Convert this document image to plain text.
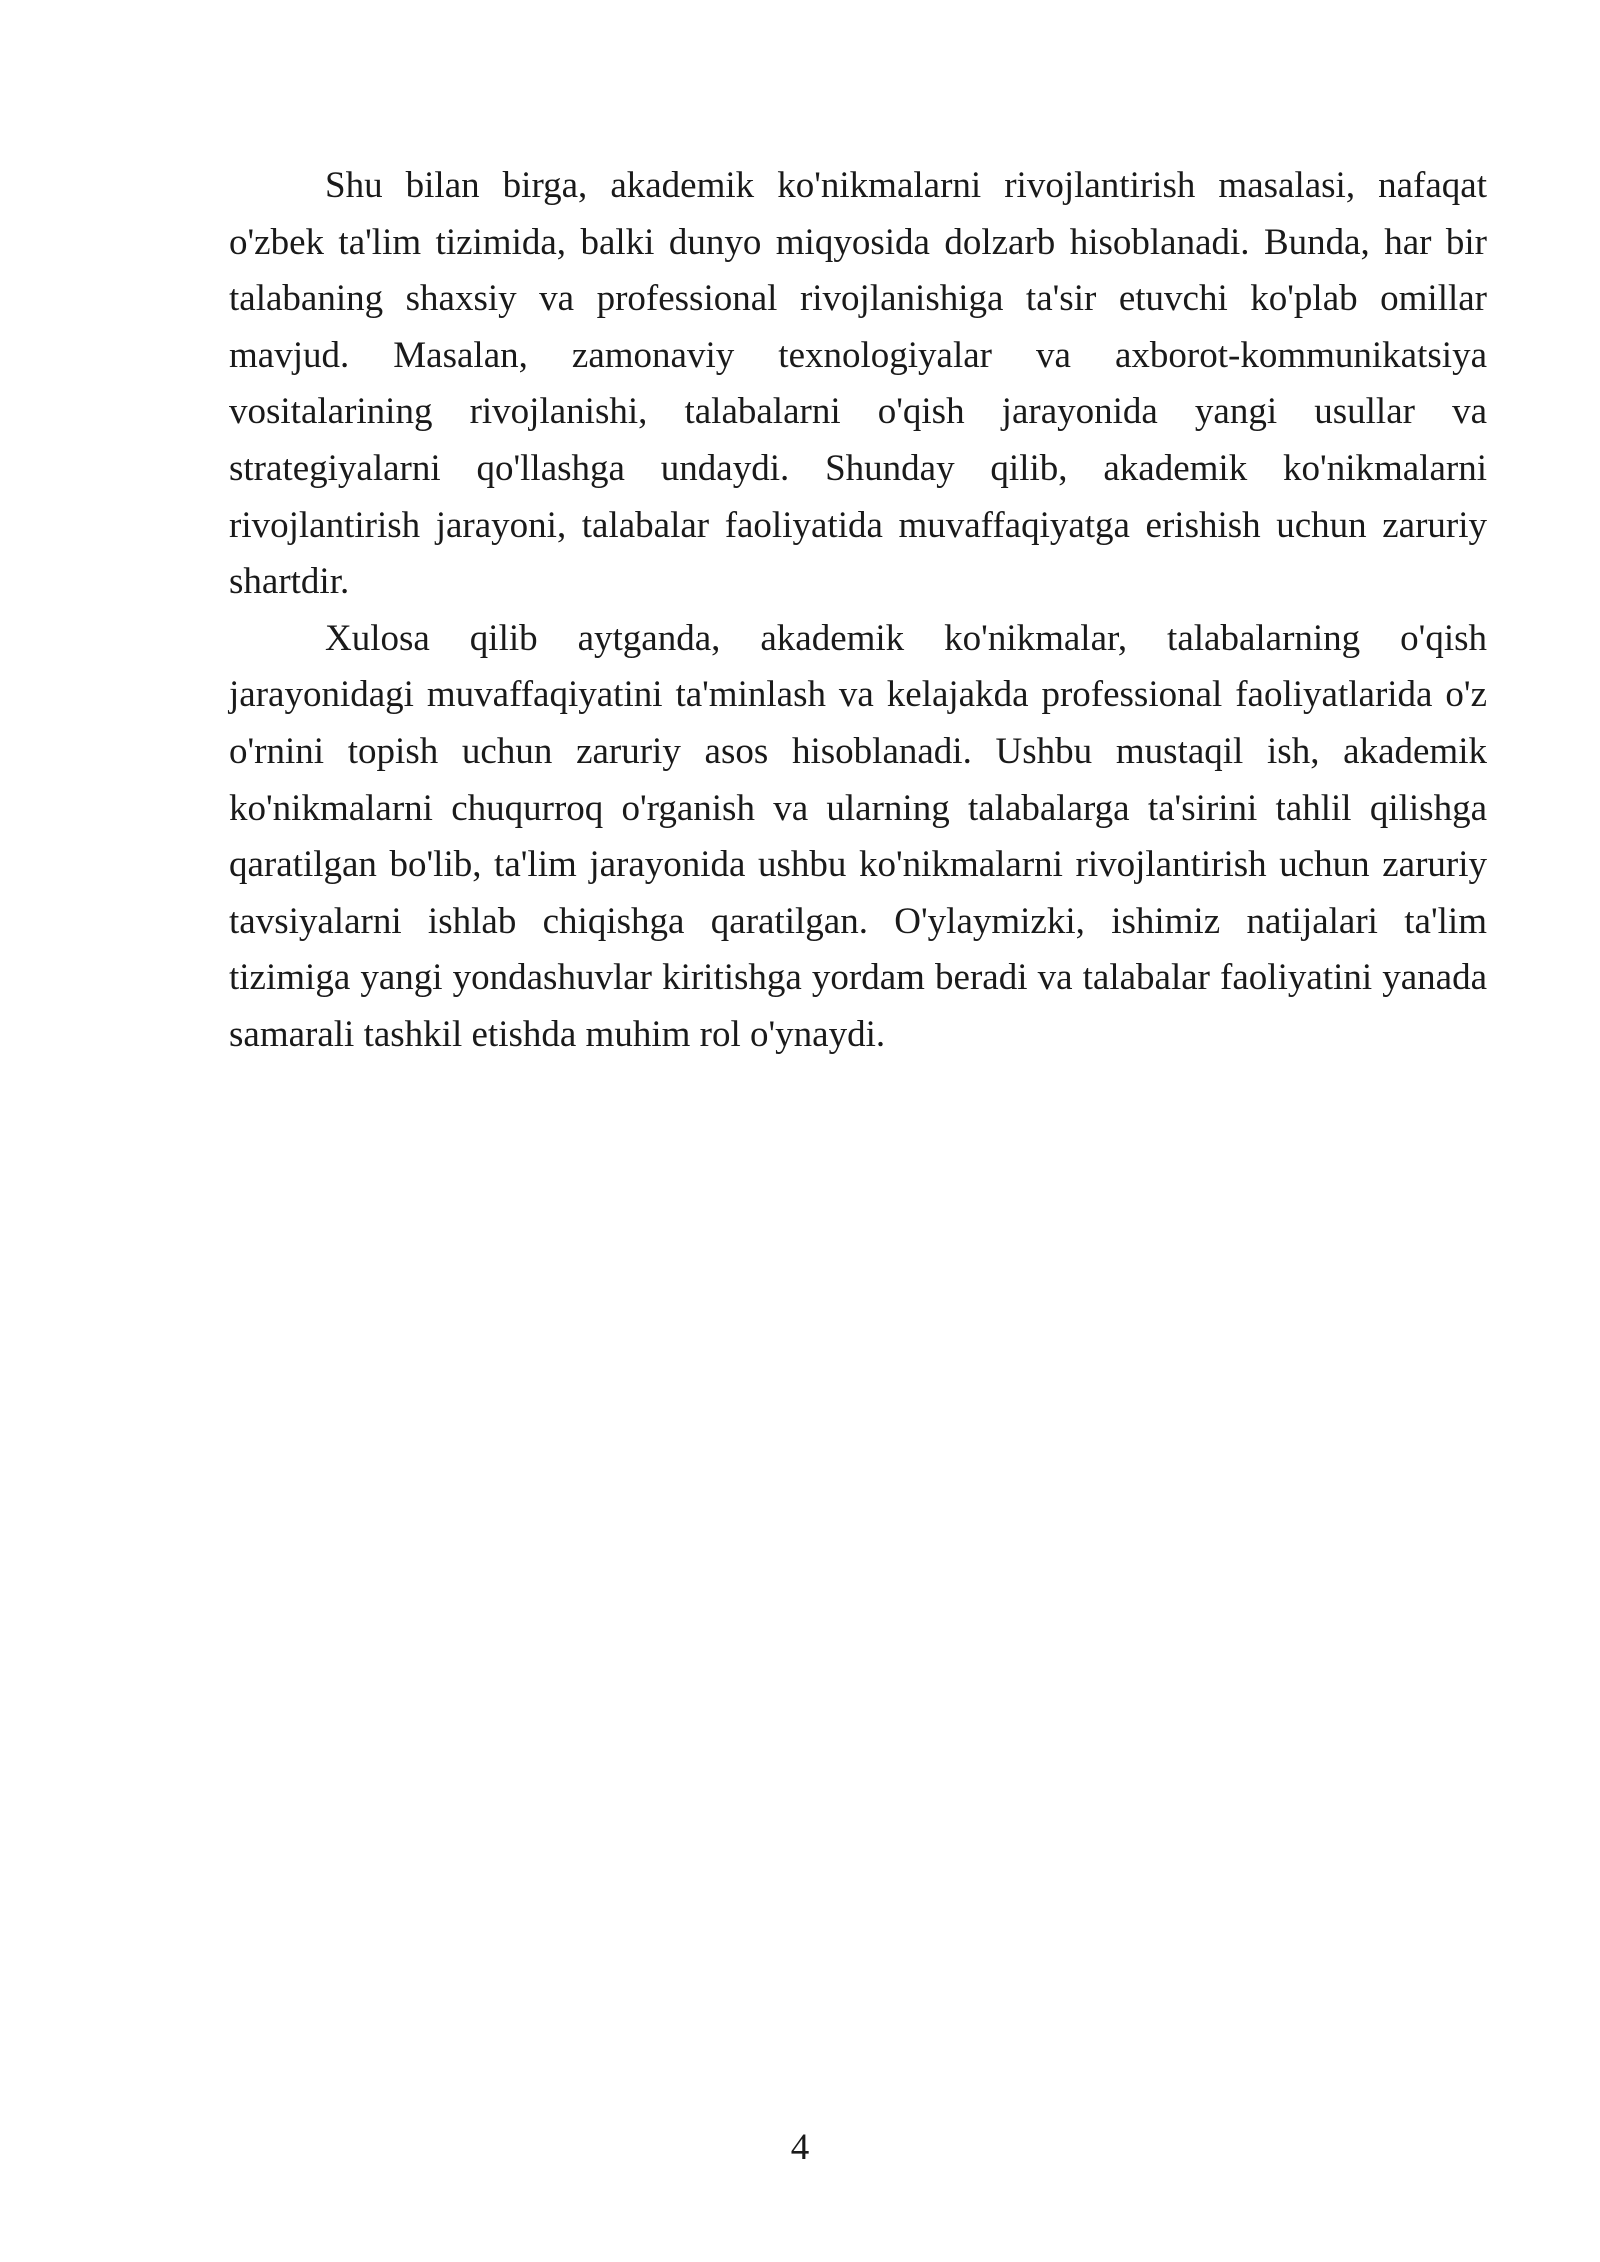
Shu bilan birga, akademik ko'nikmalarni rivojlantirish masalasi, nafaqat o'zbek ta'lim tizimida, balki dunyo miqyosida dolzarb hisoblanadi. Bunda, har bir talabaning shaxsiy va professional rivojlanishiga ta'sir etuvchi ko'plab omillar mavjud. Masalan, zamonaviy texnologiyalar va axborot-kommunikatsiya vositalarining rivojlanishi, talabalarni o'qish jarayonida yangi usullar va strategiyalarni qo'llashga undaydi. Shunday qilib, akademik ko'nikmalarni rivojlantirish jarayoni, talabalar faoliyatida muvaffaqiyatga erishish uchun zaruriy shartdir.

Xulosa qilib aytganda, akademik ko'nikmalar, talabalarning o'qish jarayonidagi muvaffaqiyatini ta'minlash va kelajakda professional faoliyatlarida o'z o'rnini topish uchun zaruriy asos hisoblanadi. Ushbu mustaqil ish, akademik ko'nikmalarni chuqurroq o'rganish va ularning talabalarga ta'sirini tahlil qilishga qaratilgan bo'lib, ta'lim jarayonida ushbu ko'nikmalarni rivojlantirish uchun zaruriy tavsiyalarni ishlab chiqishga qaratilgan. O'ylaymizki, ishimiz natijalari ta'lim tizimiga yangi yondashuvlar kiritishga yordam beradi va talabalar faoliyatini yanada samarali tashkil etishda muhim rol o'ynaydi.

4
